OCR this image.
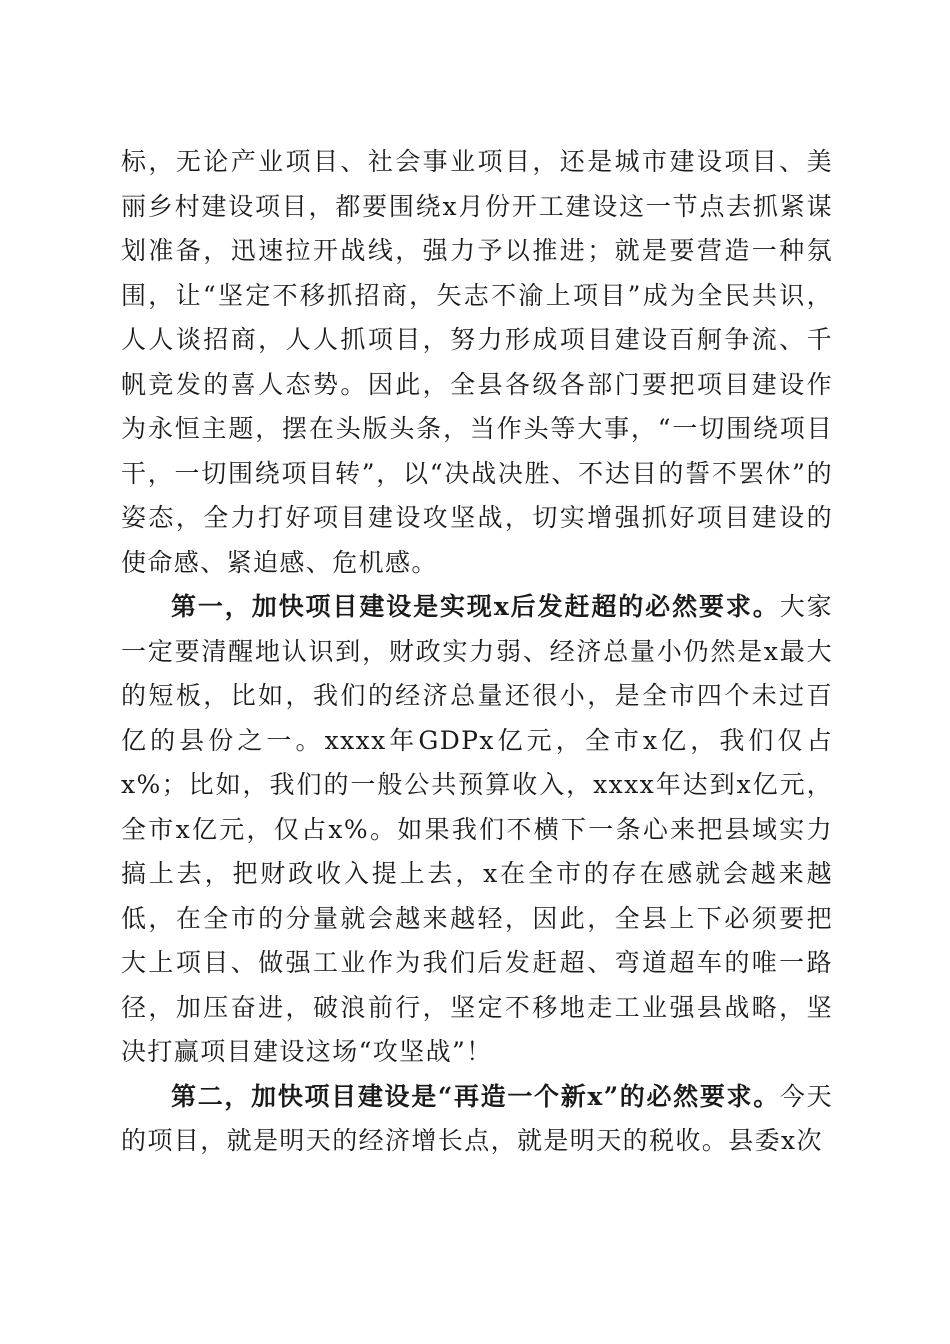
标，无论产业项目、社会事业项目，还是城市建设项目、美丽乡村建设项目，都要围绕x月份开工建设这一节点去抓紧谋划准备，迅速拉开战线，强力予以推进；就是要营造一种氛围，让“坚定不移抓招商，矢志不渝上项目”成为全民共识，人人谈招商，人人抓项目，努力形成项目建设百舸争流、千帆竞发的喜人态势。因此，全县各级各部门要把项目建设作为永恒主题，摆在头版头条，当作头等大事，“一切围绕项目干，一切围绕项目转”，以“决战决胜、不达目的誓不罢休”的姿态，全力打好项目建设攻坚战，切实增强抓好项目建设的使命感、紧迫感、危机感。

第一，加快项目建设是实现x后发赶超的必然要求。大家一定要清醒地认识到，财政实力弱、经济总量小仍然是x最大的短板，比如，我们的经济总量还很小，是全市四个未过百亿的县份之一。xxxx年GDPx亿元，全市x亿，我们仅占x%；比如，我们的一般公共预算收入，xxxx年达到x亿元，全市x亿元，仅占x%。如果我们不横下一条心来把县域实力搞上去，把财政收入提上去，x在全市的存在感就会越来越低，在全市的分量就会越来越轻，因此，全县上下必须要把大上项目、做强工业作为我们后发赶超、弯道超车的唯一路径，加压奋进，破浪前行，坚定不移地走工业强县战略，坚决打赢项目建设这场“攻坚战”！

第二，加快项目建设是“再造一个新x”的必然要求。今天的项目，就是明天的经济增长点，就是明天的税收。县委x次
